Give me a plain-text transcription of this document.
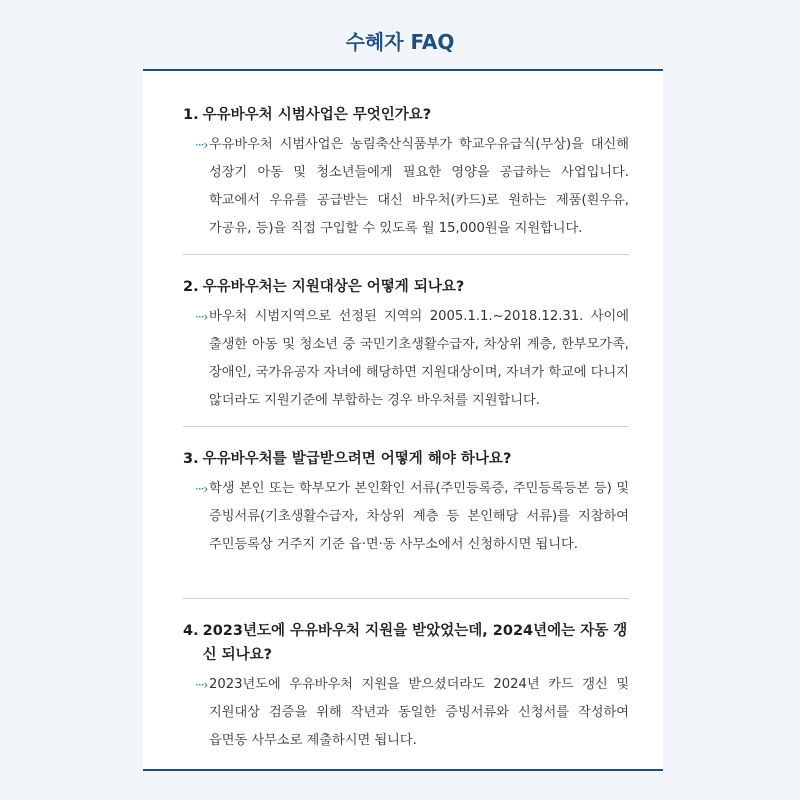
수혜자 FAQ
1. 우유바우처 시범사업은 무엇인가요?
···› 우유바우처 시범사업은 농림축산식품부가 학교우유급식(무상)을 대신해 성장기 아동 및 청소년들에게 필요한 영양을 공급하는 사업입니다. 학교에서 우유를 공급받는 대신 바우처(카드)로 원하는 제품(흰우유, 가공유, 등)을 직접 구입할 수 있도록 월 15,000원을 지원합니다.
2. 우유바우처는 지원대상은 어떻게 되나요?
···› 바우처 시범지역으로 선정된 지역의 2005.1.1.~2018.12.31. 사이에 출생한 아동 및 청소년 중 국민기초생활수급자, 차상위 계층, 한부모가족, 장애인, 국가유공자 자녀에 해당하면 지원대상이며, 자녀가 학교에 다니지 않더라도 지원기준에 부합하는 경우 바우처를 지원합니다.
3. 우유바우처를 발급받으려면 어떻게 해야 하나요?
···› 학생 본인 또는 학부모가 본인확인 서류(주민등록증, 주민등록등본 등) 및 증빙서류(기초생활수급자, 차상위 계층 등 본인해당 서류)를 지참하여 주민등록상 거주지 기준 읍·면·동 사무소에서 신청하시면 됩니다.
4. 2023년도에 우유바우처 지원을 받았었는데, 2024년에는 자동 갱신 되나요?
···› 2023년도에 우유바우처 지원을 받으셨더라도 2024년 카드 갱신 및 지원대상 검증을 위해 작년과 동일한 증빙서류와 신청서를 작성하여 읍면동 사무소로 제출하시면 됩니다.
